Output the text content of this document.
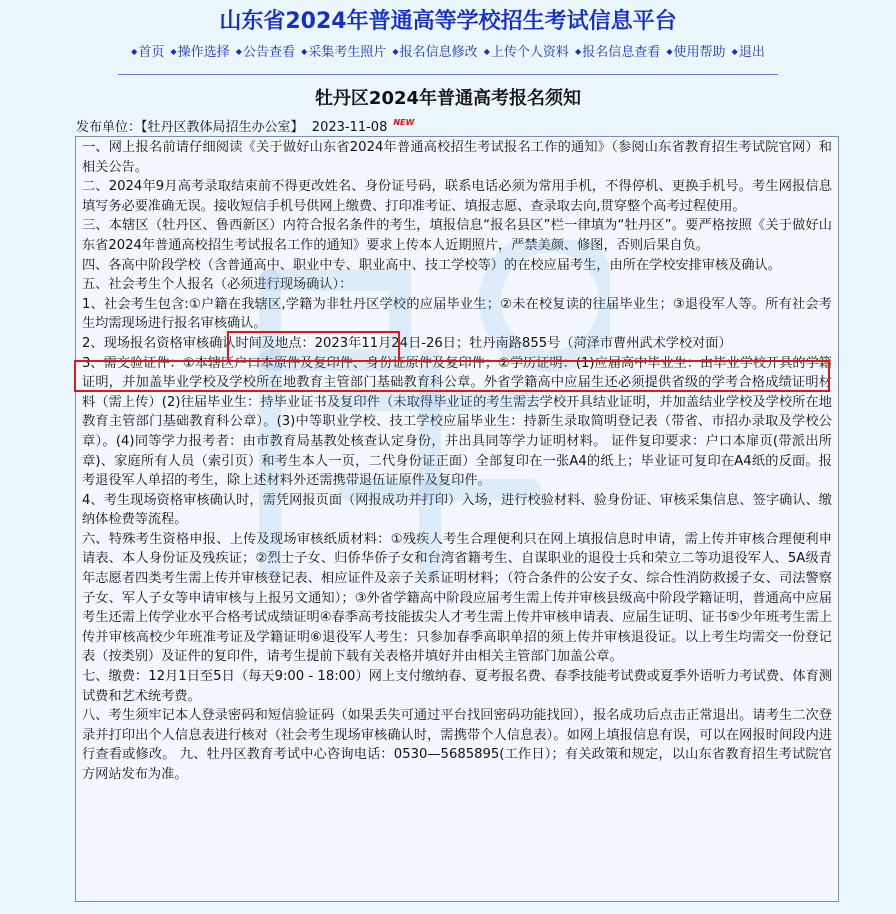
山东省2024年普通高等学校招生考试信息平台
◆ 首页 ◆ 操作选择 ◆ 公告查看 ◆ 采集考生照片 ◆ 报名信息修改 ◆ 上传个人资料 ◆ 报名信息查看 ◆ 使用帮助 ◆ 退出
牡丹区2024年普通高考报名须知
发布单位：【牡丹区教体局招生办公室】 2023-11-08 NEW

一、网上报名前请仔细阅读《关于做好山东省2024年普通高校招生考试报名工作的通知》（参阅山东省教育招生考试院官网）和相关公告。

二、2024年9月高考录取结束前不得更改姓名、身份证号码，联系电话必须为常用手机，不得停机、更换手机号。考生网报信息填写务必要准确无误。接收短信手机号供网上缴费、打印准考证、填报志愿、查录取去向,贯穿整个高考过程使用。

三、本辖区（牡丹区、鲁西新区）内符合报名条件的考生，填报信息“报名县区”栏一律填为“牡丹区”。要严格按照《关于做好山东省2024年普通高校招生考试报名工作的通知》要求上传本人近期照片，严禁美颜、修图，否则后果自负。

四、各高中阶段学校（含普通高中、职业中专、职业高中、技工学校等）的在校应届考生，由所在学校安排审核及确认。

五、社会考生个人报名（必须进行现场确认）：

1、社会考生包含:①户籍在我辖区,学籍为非牡丹区学校的应届毕业生；②未在校复读的往届毕业生；③退役军人等。所有社会考生均需现场进行报名审核确认。

2、现场报名资格审核确认时间及地点：2023年11月24日-26日；牡丹南路855号（菏泽市曹州武术学校对面）

3、需交验证件：①本辖区户口本原件及复印件、身份证原件及复印件；②学历证明：(1)应届高中毕业生：由毕业学校开具的学籍证明，并加盖毕业学校及学校所在地教育主管部门基础教育科公章。外省学籍高中应届生还必须提供省级的学考合格成绩证明材料（需上传）(2)往届毕业生：持毕业证书及复印件（未取得毕业证的考生需去学校开具结业证明，并加盖结业学校及学校所在地教育主管部门基础教育科公章）。(3)中等职业学校、技工学校应届毕业生：持新生录取简明登记表（带省、市招办录取及学校公章）。(4)同等学力报考者：由市教育局基教处核查认定身份，并出具同等学力证明材料。 证件复印要求：户口本扉页(带派出所章)、家庭所有人员（索引页）和考生本人一页，二代身份证正面）全部复印在一张A4的纸上；毕业证可复印在A4纸的反面。报考退役军人单招的考生，除上述材料外还需携带退伍证原件及复印件。

4、考生现场资格审核确认时，需凭网报页面（网报成功并打印）入场，进行校验材料、验身份证、审核采集信息、签字确认、缴纳体检费等流程。

六、特殊考生资格申报、上传及现场审核纸质材料：①残疾人考生合理便利只在网上填报信息时申请，需上传并审核合理便利申请表、本人身份证及残疾证；②烈士子女、归侨华侨子女和台湾省籍考生、自谋职业的退役士兵和荣立二等功退役军人、5A级青年志愿者四类考生需上传并审核登记表、相应证件及亲子关系证明材料；（符合条件的公安子女、综合性消防救援子女、司法警察子女、军人子女等申请审核与上报另文通知）；③外省学籍高中阶段应届考生需上传并审核县级高中阶段学籍证明，普通高中应届考生还需上传学业水平合格考试成绩证明④春季高考技能拔尖人才考生需上传并审核申请表、应届生证明、证书⑤少年班考生需上传并审核高校少年班准考证及学籍证明⑥退役军人考生：只参加春季高职单招的须上传并审核退役证。以上考生均需交一份登记表（按类别）及证件的复印件，请考生提前下载有关表格并填好并由相关主管部门加盖公章。

七、缴费：12月1日至5日（每天9:00 - 18:00）网上支付缴纳春、夏考报名费、春季技能考试费或夏季外语听力考试费、体育测试费和艺术统考费。

八、考生须牢记本人登录密码和短信验证码（如果丢失可通过平台找回密码功能找回），报名成功后点击正常退出。请考生二次登录并打印出个人信息表进行核对（社会考生现场审核确认时，需携带个人信息表）。如网上填报信息有误，可以在网报时间段内进行查看或修改。 九、牡丹区教育考试中心咨询电话：0530—5685895(工作日）；有关政策和规定，以山东省教育招生考试院官方网站发布为准。
